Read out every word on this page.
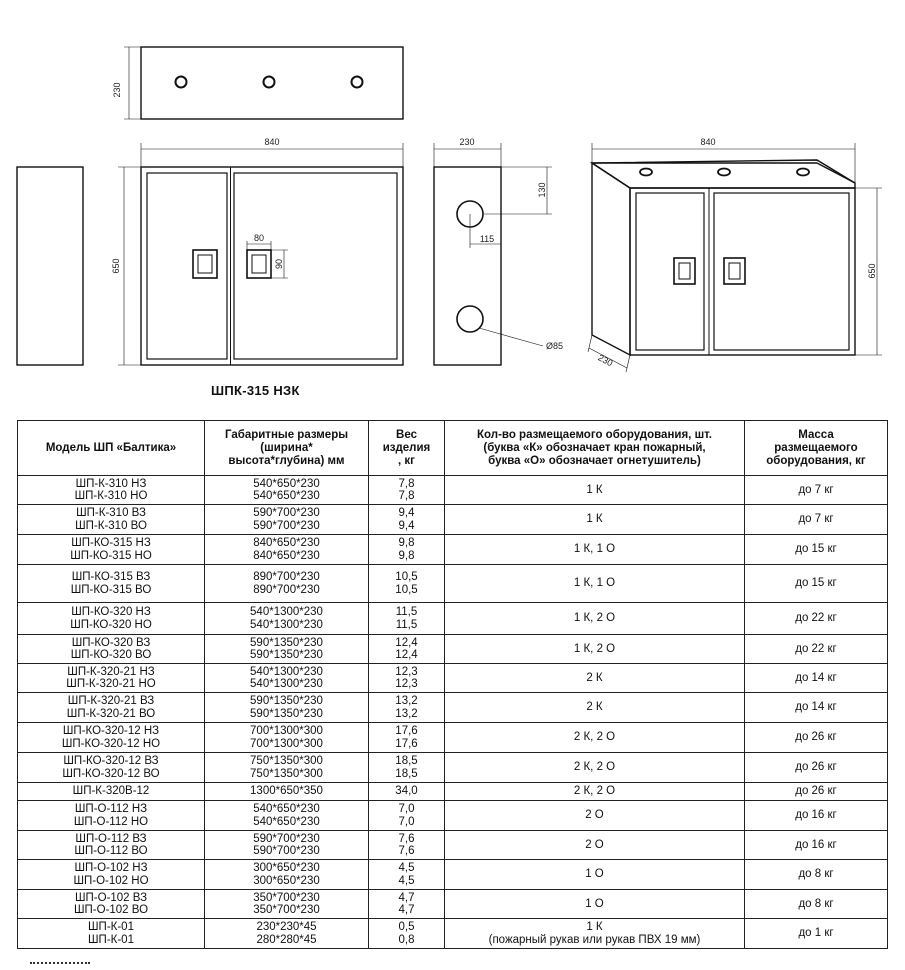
230
840
650
80
90
230
130
115
Ø85
840
650
230
ШПК-315 НЗК
Модель ШП «Балтика»	Габаритные размеры
(ширина*
высота*глубина) мм	Вес
изделия
, кг	Кол-во размещаемого оборудования, шт.
(буква «К» обозначает кран пожарный,
буква «О» обозначает огнетушитель)	Масса
размещаемого
оборудования, кг
ШП-К-310 НЗ
ШП-К-310 НО	540*650*230
540*650*230	7,8
7,8	1 К	до 7 кг
ШП-К-310 ВЗ
ШП-К-310 ВО	590*700*230
590*700*230	9,4
9,4	1 К	до 7 кг
ШП-КО-315 НЗ
ШП-КО-315 НО	840*650*230
840*650*230	9,8
9,8	1 К, 1 О	до 15 кг
ШП-КО-315 ВЗ
ШП-КО-315 ВО	890*700*230
890*700*230	10,5
10,5	1 К, 1 О	до 15 кг
ШП-КО-320 НЗ
ШП-КО-320 НО	540*1300*230
540*1300*230	11,5
11,5	1 К, 2 О	до 22 кг
ШП-КО-320 ВЗ
ШП-КО-320 ВО	590*1350*230
590*1350*230	12,4
12,4	1 К, 2 О	до 22 кг
ШП-К-320-21 НЗ
ШП-К-320-21 НО	540*1300*230
540*1300*230	12,3
12,3	2 К	до 14 кг
ШП-К-320-21 ВЗ
ШП-К-320-21 ВО	590*1350*230
590*1350*230	13,2
13,2	2 К	до 14 кг
ШП-КО-320-12 НЗ
ШП-КО-320-12 НО	700*1300*300
700*1300*300	17,6
17,6	2 К, 2 О	до 26 кг
ШП-КО-320-12 ВЗ
ШП-КО-320-12 ВО	750*1350*300
750*1350*300	18,5
18,5	2 К, 2 О	до 26 кг
ШП-К-320В-12	1300*650*350	34,0	2 К, 2 О	до 26 кг
ШП-О-112 НЗ
ШП-О-112 НО	540*650*230
540*650*230	7,0
7,0	2 О	до 16 кг
ШП-О-112 ВЗ
ШП-О-112 ВО	590*700*230
590*700*230	7,6
7,6	2 О	до 16 кг
ШП-О-102 НЗ
ШП-О-102 НО	300*650*230
300*650*230	4,5
4,5	1 О	до 8 кг
ШП-О-102 ВЗ
ШП-О-102 ВО	350*700*230
350*700*230	4,7
4,7	1 О	до 8 кг
ШП-К-01
ШП-К-01	230*230*45
280*280*45	0,5
0,8	1 К
(пожарный рукав или рукав ПВХ 19 мм)	до 1 кг
